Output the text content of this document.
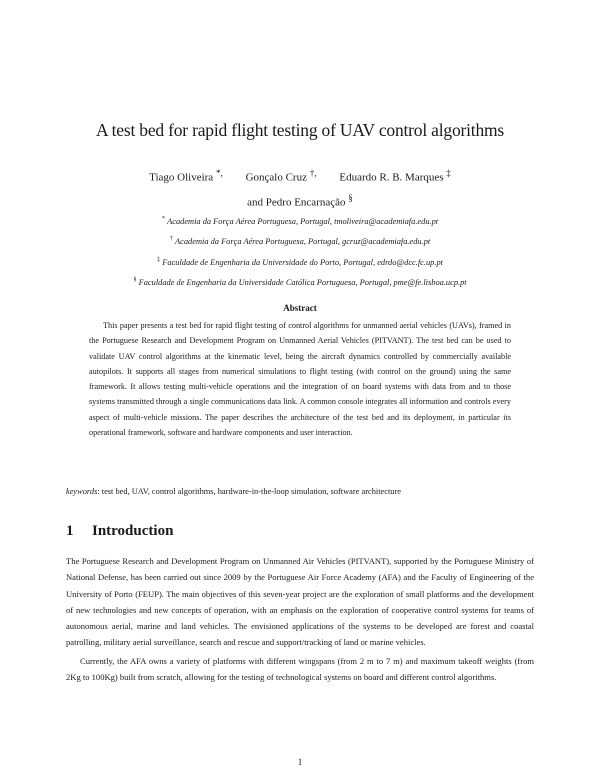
A test bed for rapid flight testing of UAV control algorithms
Tiago Oliveira *, Gonçalo Cruz †, Eduardo R. B. Marques ‡
and Pedro Encarnação §
* Academia da Força Aérea Portuguesa, Portugal, tmoliveira@academiafa.edu.pt
† Academia da Força Aérea Portuguesa, Portugal, gcruz@academiafa.edu.pt
‡ Faculdade de Engenharia da Universidade do Porto, Portugal, edrdo@dcc.fc.up.pt
§ Faculdade de Engenharia da Universidade Católica Portuguesa, Portugal, pme@fe.lisboa.ucp.pt
Abstract
This paper presents a test bed for rapid flight testing of control algorithms for unmanned aerial vehicles (UAVs), framed in the Portuguese Research and Development Program on Unmanned Aerial Vehicles (PITVANT). The test bed can be used to validate UAV control algorithms at the kinematic level, being the aircraft dynamics controlled by commercially available autopilots. It supports all stages from numerical simulations to flight testing (with control on the ground) using the same framework. It allows testing multi-vehicle operations and the integration of on board systems with data from and to those systems transmitted through a single communications data link. A common console integrates all information and controls every aspect of multi-vehicle missions. The paper describes the architecture of the test bed and its deployment, in particular its operational framework, software and hardware components and user interaction.
keywords: test bed, UAV, control algorithms, hardware-in-the-loop simulation, software architecture
1 Introduction

The Portuguese Research and Development Program on Unmanned Air Vehicles (PITVANT), supported by the Portuguese Ministry of National Defense, has been carried out since 2009 by the Portuguese Air Force Academy (AFA) and the Faculty of Engineering of the University of Porto (FEUP). The main objectives of this seven-year project are the exploration of small platforms and the development of new technologies and new concepts of operation, with an emphasis on the exploration of cooperative control systems for teams of autonomous aerial, marine and land vehicles. The envisioned applications of the systems to be developed are forest and coastal patrolling, military aerial surveillance, search and rescue and support/tracking of land or marine vehicles.

Currently, the AFA owns a variety of platforms with different wingspans (from 2 m to 7 m) and maximum takeoff weights (from 2Kg to 100Kg) built from scratch, allowing for the testing of technological systems on board and different control algorithms.

1
